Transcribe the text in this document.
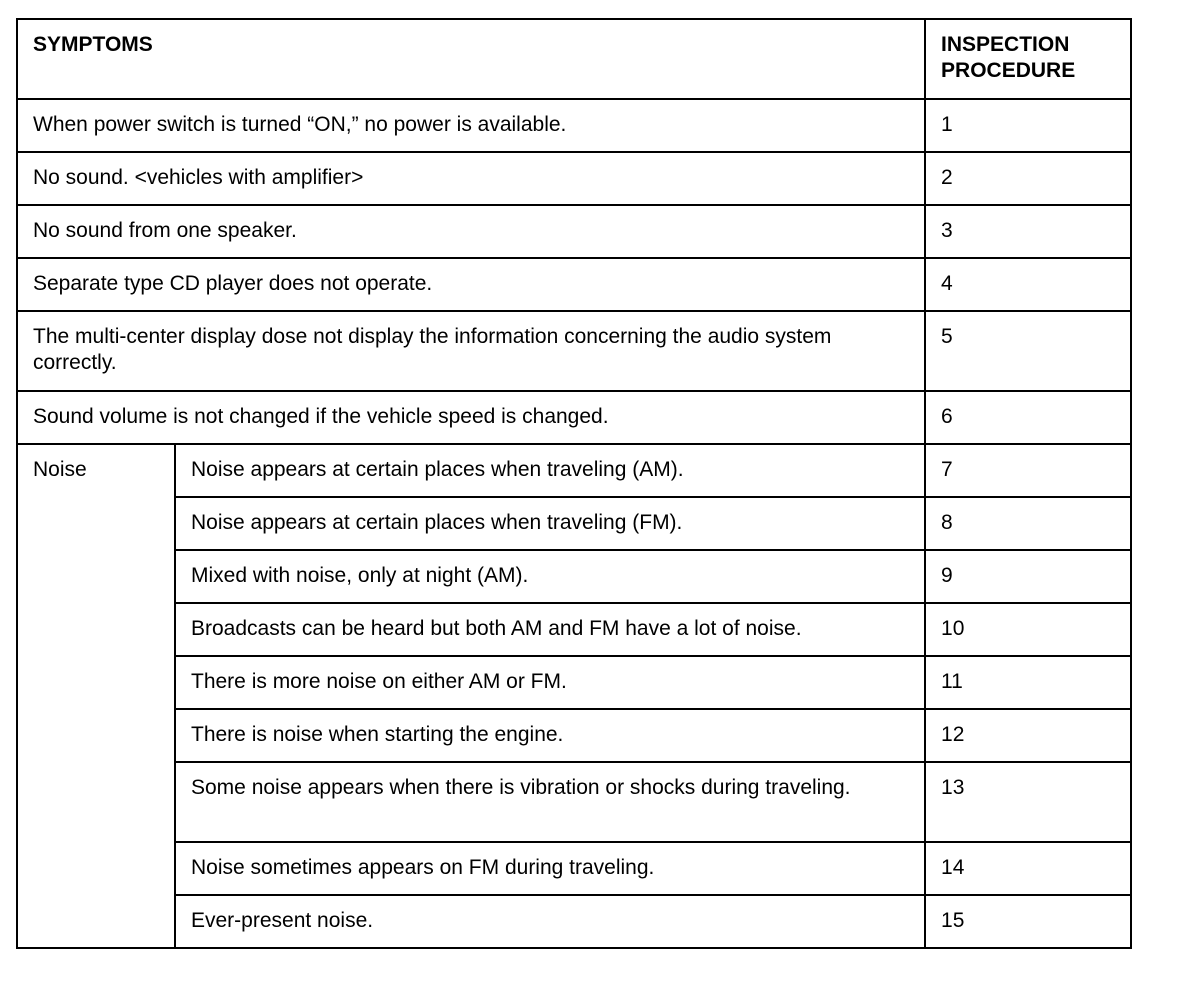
SYMPTOMS		INSPECTION PROCEDURE
When power switch is turned “ON,” no power is available.		1
No sound. <vehicles with amplifier>		2
No sound from one speaker.		3
Separate type CD player does not operate.		4
The multi-center display dose not display the information concerning the audio system correctly.		5
Sound volume is not changed if the vehicle speed is changed.		6
Noise	Noise appears at certain places when traveling (AM).	7
	Noise appears at certain places when traveling (FM).	8
	Mixed with noise, only at night (AM).	9
	Broadcasts can be heard but both AM and FM have a lot of noise.	10
	There is more noise on either AM or FM.	11
	There is noise when starting the engine.	12
	Some noise appears when there is vibration or shocks during traveling.	13
	Noise sometimes appears on FM during traveling.	14
	Ever-present noise.	15
